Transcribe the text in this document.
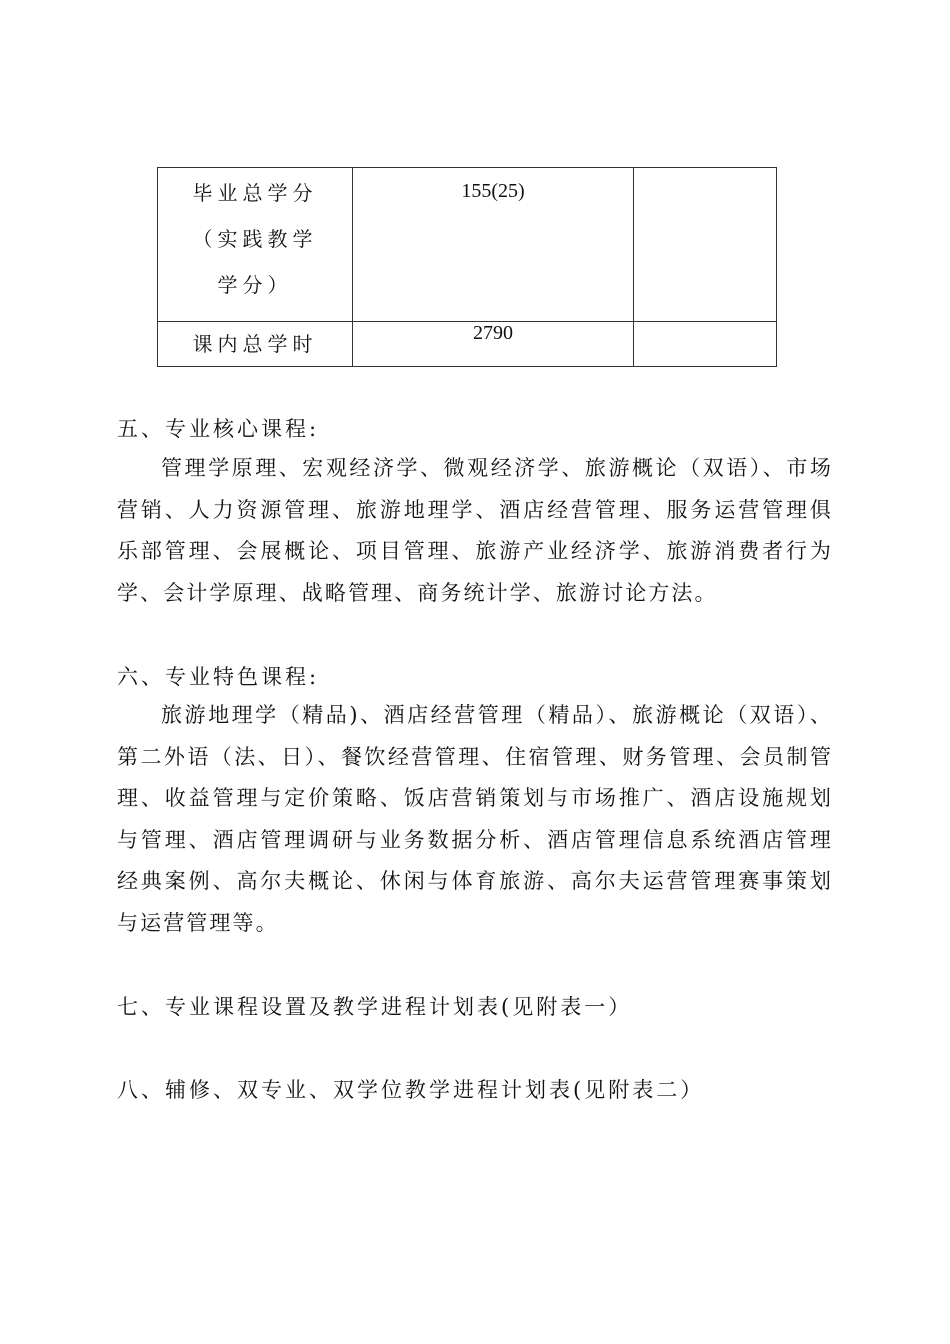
毕业总学分
（实践教学
学分）	155(25)	

课内总学时	2790	
五、专业核心课程:
管理学原理、宏观经济学、微观经济学、旅游概论（双语）、市场营销、人力资源管理、旅游地理学、酒店经营管理、服务运营管理俱乐部管理、会展概论、项目管理、旅游产业经济学、旅游消费者行为学、会计学原理、战略管理、商务统计学、旅游讨论方法。
六、专业特色课程:
旅游地理学（精品)、酒店经营管理（精品）、旅游概论（双语）、第二外语（法、日）、餐饮经营管理、住宿管理、财务管理、会员制管理、收益管理与定价策略、饭店营销策划与市场推广、酒店设施规划与管理、酒店管理调研与业务数据分析、酒店管理信息系统酒店管理经典案例、高尔夫概论、休闲与体育旅游、高尔夫运营管理赛事策划与运营管理等。
七、专业课程设置及教学进程计划表(见附表一）
八、辅修、双专业、双学位教学进程计划表(见附表二）
